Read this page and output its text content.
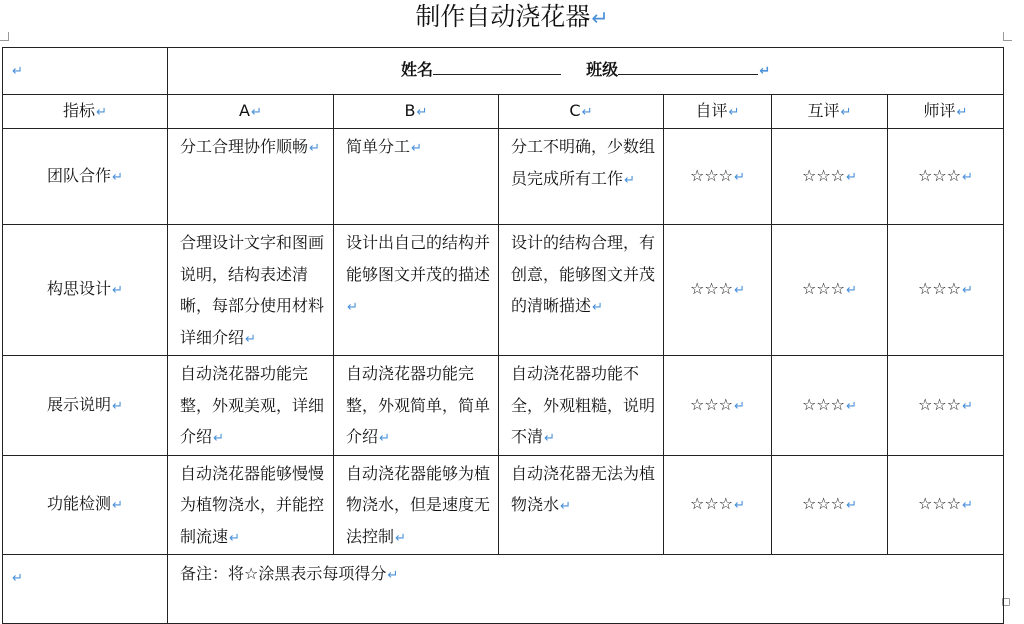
制作自动浇花器↵
↵	姓名 班级 ↵					
指标↵	A↵	B↵	C↵	自评↵	互评↵	师评↵
团队合作↵	分工合理协作顺畅↵	简单分工↵	分工不明确，少数组员完成所有工作↵	☆☆☆↵	☆☆☆↵	☆☆☆↵
构思设计↵	合理设计文字和图画说明，结构表述清晰，每部分使用材料详细介绍↵	设计出自己的结构并能够图文并茂的描述↵	设计的结构合理，有创意，能够图文并茂的清晰描述↵	☆☆☆↵	☆☆☆↵	☆☆☆↵
展示说明↵	自动浇花器功能完整，外观美观，详细介绍↵	自动浇花器功能完整，外观简单，简单介绍↵	自动浇花器功能不全，外观粗糙，说明不清↵	☆☆☆↵	☆☆☆↵	☆☆☆↵
功能检测↵	自动浇花器能够慢慢为植物浇水，并能控制流速↵	自动浇花器能够为植物浇水，但是速度无法控制↵	自动浇花器无法为植物浇水↵	☆☆☆↵	☆☆☆↵	☆☆☆↵
↵	备注：将☆涂黑表示每项得分↵					
